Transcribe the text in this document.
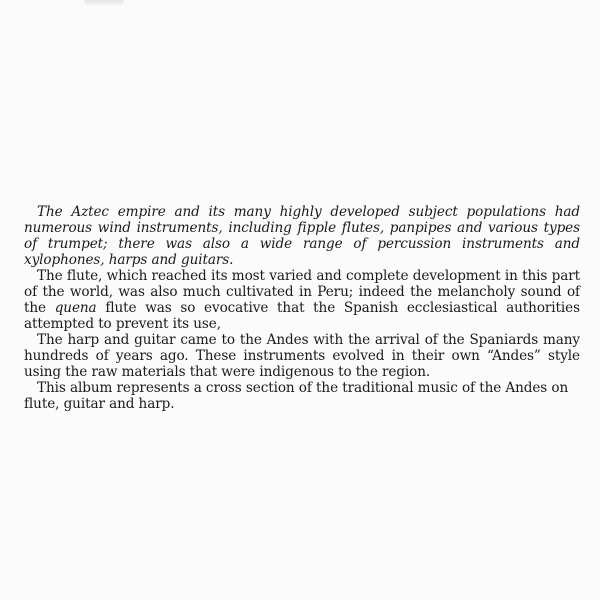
The Aztec empire and its many highly developed subject populations had numerous wind instruments, including fipple flutes, panpipes and various types of trumpet; there was also a wide range of percussion instruments and xylophones, harps and guitars.

The flute, which reached its most varied and complete development in this part of the world, was also much cultivated in Peru; indeed the melancholy sound of the quena flute was so evocative that the Spanish ecclesiastical authorities attempted to prevent its use,

The harp and guitar came to the Andes with the arrival of the Spaniards many hundreds of years ago. These instruments evolved in their own “Andes” style using the raw materials that were indigenous to the region.

This album represents a cross section of the traditional music of the Andes on flute, guitar and harp.
